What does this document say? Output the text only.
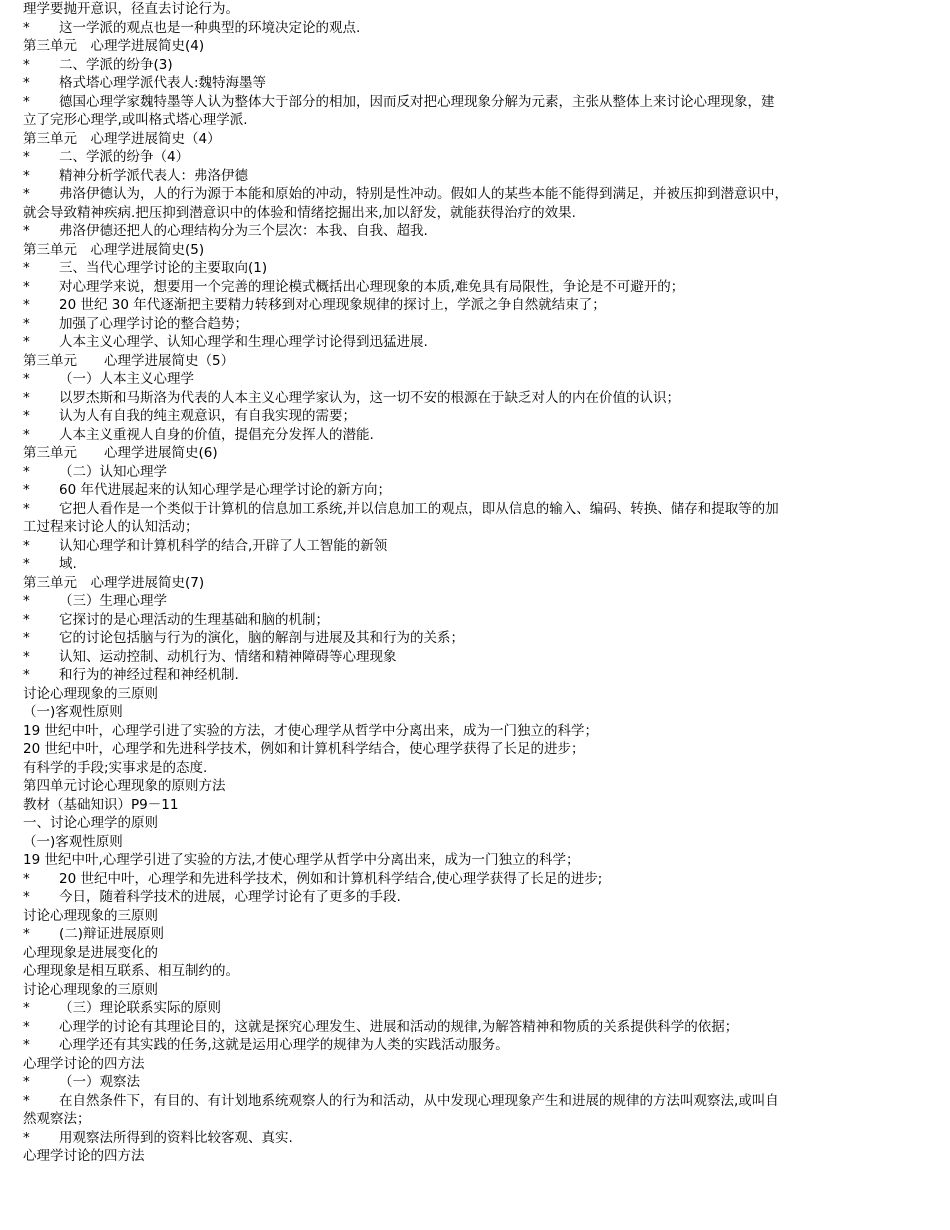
理学要抛开意识，径直去讨论行为。
*	这一学派的观点也是一种典型的环境决定论的观点.
第三单元　心理学进展简史(4)
*	二、学派的纷争(3)
*	格式塔心理学派代表人:魏特海墨等
*	德国心理学家魏特墨等人认为整体大于部分的相加，因而反对把心理现象分解为元素，主张从整体上来讨论心理现象，建
立了完形心理学,或叫格式塔心理学派.
第三单元　心理学进展简史（4）
*	二、学派的纷争（4）
*	精神分析学派代表人：弗洛伊德
*	弗洛伊德认为，人的行为源于本能和原始的冲动，特别是性冲动。假如人的某些本能不能得到满足，并被压抑到潜意识中，
就会导致精神疾病.把压抑到潜意识中的体验和情绪挖掘出来,加以舒发，就能获得治疗的效果.
*	弗洛伊德还把人的心理结构分为三个层次：本我、自我、超我.
第三单元　心理学进展简史(5)
*	三、当代心理学讨论的主要取向(1)
*	对心理学来说，想要用一个完善的理论模式概括出心理现象的本质,难免具有局限性，争论是不可避开的；
*	20 世纪 30 年代逐渐把主要精力转移到对心理现象规律的探讨上，学派之争自然就结束了；
*	加强了心理学讨论的整合趋势；
*	人本主义心理学、认知心理学和生理心理学讨论得到迅猛进展.
第三单元　　心理学进展简史（5）
*	（一）人本主义心理学
*	以罗杰斯和马斯洛为代表的人本主义心理学家认为，这一切不安的根源在于缺乏对人的内在价值的认识；
*	认为人有自我的纯主观意识，有自我实现的需要；
*	人本主义重视人自身的价值，提倡充分发挥人的潜能.
第三单元　　心理学进展简史(6)
*	（二）认知心理学
*	60 年代进展起来的认知心理学是心理学讨论的新方向；
*	它把人看作是一个类似于计算机的信息加工系统,并以信息加工的观点，即从信息的输入、编码、转换、储存和提取等的加
工过程来讨论人的认知活动；
*	认知心理学和计算机科学的结合,开辟了人工智能的新领
*	域.
第三单元　心理学进展简史(7)
*	（三）生理心理学
*	它探讨的是心理活动的生理基础和脑的机制；
*	它的讨论包括脑与行为的演化，脑的解剖与进展及其和行为的关系；
*	认知、运动控制、动机行为、情绪和精神障碍等心理现象
*	和行为的神经过程和神经机制.
讨论心理现象的三原则
（一)客观性原则
19 世纪中叶，心理学引进了实验的方法，才使心理学从哲学中分离出来，成为一门独立的科学；
20 世纪中叶，心理学和先进科学技术，例如和计算机科学结合，使心理学获得了长足的进步；
有科学的手段;实事求是的态度.
第四单元讨论心理现象的原则方法
教材（基础知识）P9－11
一、讨论心理学的原则
（一)客观性原则
19 世纪中叶,心理学引进了实验的方法,才使心理学从哲学中分离出来，成为一门独立的科学；
*	20 世纪中叶，心理学和先进科学技术，例如和计算机科学结合,使心理学获得了长足的进步;
*	今日，随着科学技术的进展，心理学讨论有了更多的手段.
讨论心理现象的三原则
*	(二)辩证进展原则
心理现象是进展变化的
心理现象是相互联系、相互制约的。
讨论心理现象的三原则
*	（三）理论联系实际的原则
*	心理学的讨论有其理论目的，这就是探究心理发生、进展和活动的规律,为解答精神和物质的关系提供科学的依据；
*	心理学还有其实践的任务,这就是运用心理学的规律为人类的实践活动服务。
心理学讨论的四方法
*	（一）观察法
*	在自然条件下，有目的、有计划地系统观察人的行为和活动，从中发现心理现象产生和进展的规律的方法叫观察法,或叫自
然观察法；
*	用观察法所得到的资料比较客观、真实.
心理学讨论的四方法
